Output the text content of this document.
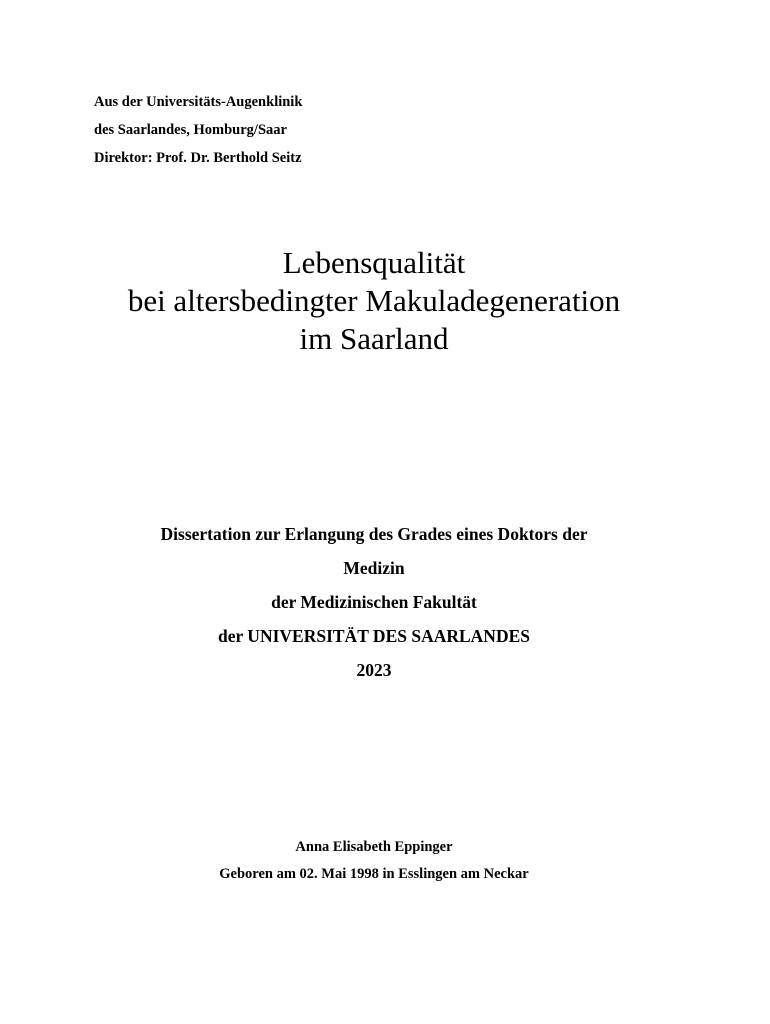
Aus der Universitäts-Augenklinik
des Saarlandes, Homburg/Saar
Direktor: Prof. Dr. Berthold Seitz
Lebensqualität
bei altersbedingter Makuladegeneration
im Saarland
Dissertation zur Erlangung des Grades eines Doktors der
Medizin
der Medizinischen Fakultät
der UNIVERSITÄT DES SAARLANDES
2023
Anna Elisabeth Eppinger
Geboren am 02. Mai 1998 in Esslingen am Neckar
